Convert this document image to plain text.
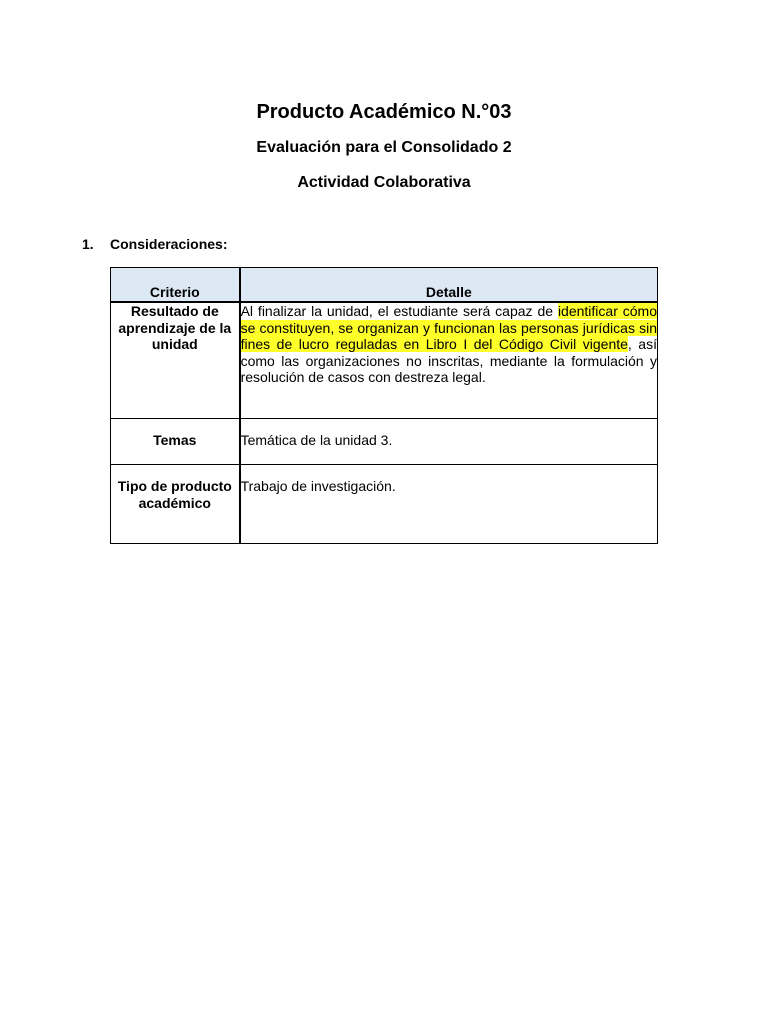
Producto Académico N.°03
Evaluación para el Consolidado 2
Actividad Colaborativa
1. Consideraciones:
Criterio	Detalle
Resultado de aprendizaje de la unidad	Al finalizar la unidad, el estudiante será capaz de identificar cómo se constituyen, se organizan y funcionan las personas jurídicas sin fines de lucro reguladas en Libro I del Código Civil vigente, así como las organizaciones no inscritas, mediante la formulación y resolución de casos con destreza legal.
Temas	Temática de la unidad 3.
Tipo de producto académico	Trabajo de investigación.
